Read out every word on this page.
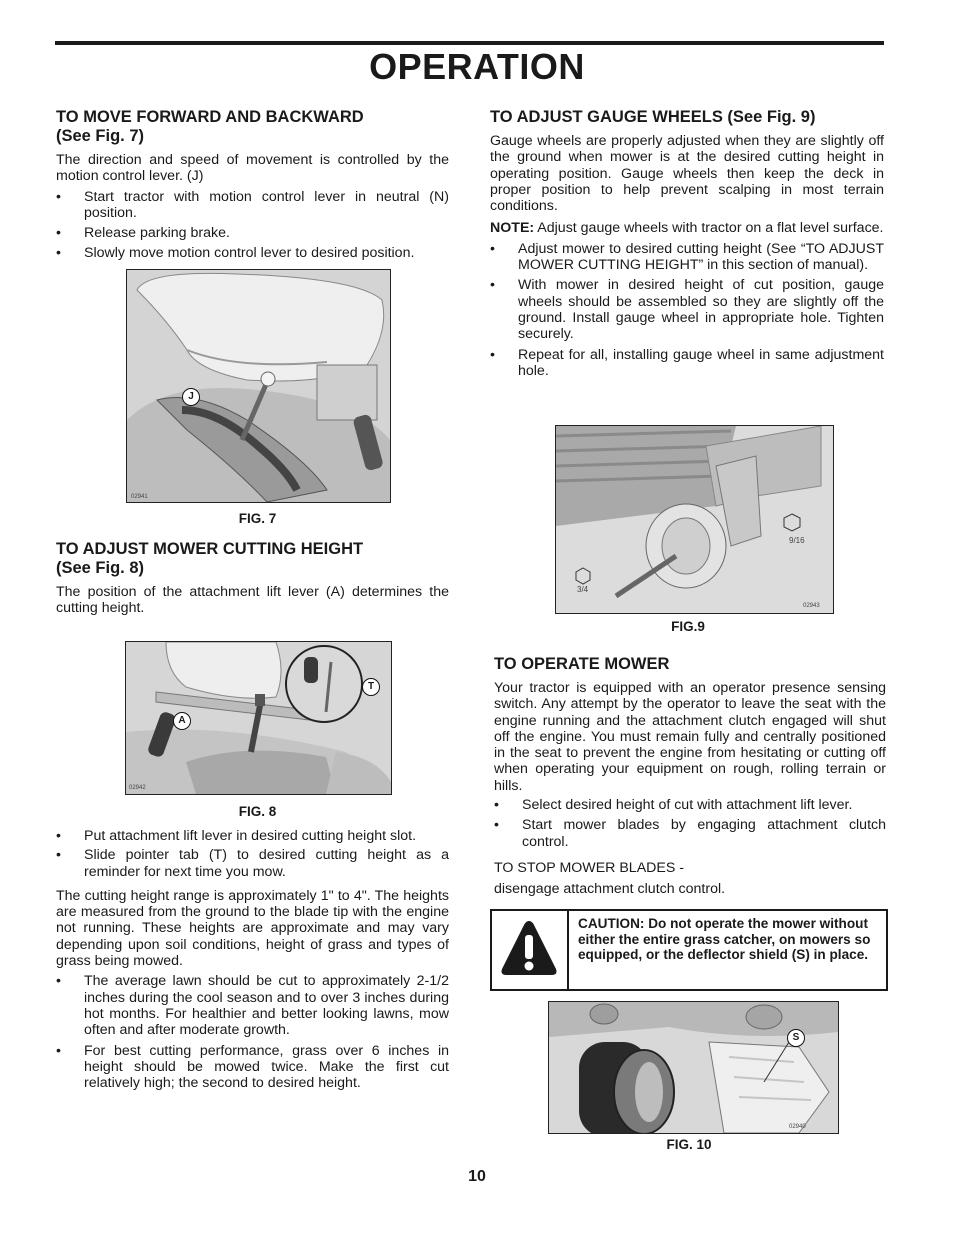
OPERATION
TO MOVE FORWARD AND BACKWARD
(See Fig. 7)

The direction and speed of movement is controlled by the motion control lever. (J)

• Start tractor with motion control lever in neutral (N) position.
• Release parking brake.
• Slowly move motion control lever to desired position.
J
02941
FIG. 7
TO ADJUST MOWER CUTTING HEIGHT
(See Fig. 8)

The position of the attachment lift lever (A) determines the cutting height.

A
T
02942
FIG. 8
• Put attachment lift lever in desired cutting height slot.
• Slide pointer tab (T) to desired cutting height as a reminder for next time you mow.

The cutting height range is approximately 1" to 4". The heights are measured from the ground to the blade tip with the engine not running. These heights are approximate and may vary depending upon soil conditions, height of grass and types of grass being mowed.

• The average lawn should be cut to approximately 2-1/2 inches during the cool season and to over 3 inches during hot months. For healthier and better looking lawns, mow often and after moderate growth.
• For best cutting performance, grass over 6 inches in height should be mowed twice. Make the first cut relatively high; the second to desired height.
TO ADJUST GAUGE WHEELS (See Fig. 9)

Gauge wheels are properly adjusted when they are slightly off the ground when mower is at the desired cutting height in operating position. Gauge wheels then keep the deck in proper position to help prevent scalping in most terrain conditions.

NOTE: Adjust gauge wheels with tractor on a flat level surface.

• Adjust mower to desired cutting height (See “TO ADJUST MOWER CUTTING HEIGHT” in this section of manual).
• With mower in desired height of cut position, gauge wheels should be assembled so they are slightly off the ground. Install gauge wheel in appropriate hole. Tighten securely.
• Repeat for all, installing gauge wheel in same adjustment hole.
9/16
3/4
02943
FIG.9
TO OPERATE MOWER

Your tractor is equipped with an operator presence sensing switch. Any attempt by the operator to leave the seat with the engine running and the attachment clutch engaged will shut off the engine. You must remain fully and centrally positioned in the seat to prevent the engine from hesitating or cutting off when operating your equipment on rough, rolling terrain or hills.

• Select desired height of cut with attachment lift lever.
• Start mower blades by engaging attachment clutch control.

TO STOP MOWER BLADES -

disengage attachment clutch control.

CAUTION: Do not operate the mower without either the entire grass catcher, on mowers so equipped, or the deflector shield (S) in place.
S
02940
FIG. 10
10
